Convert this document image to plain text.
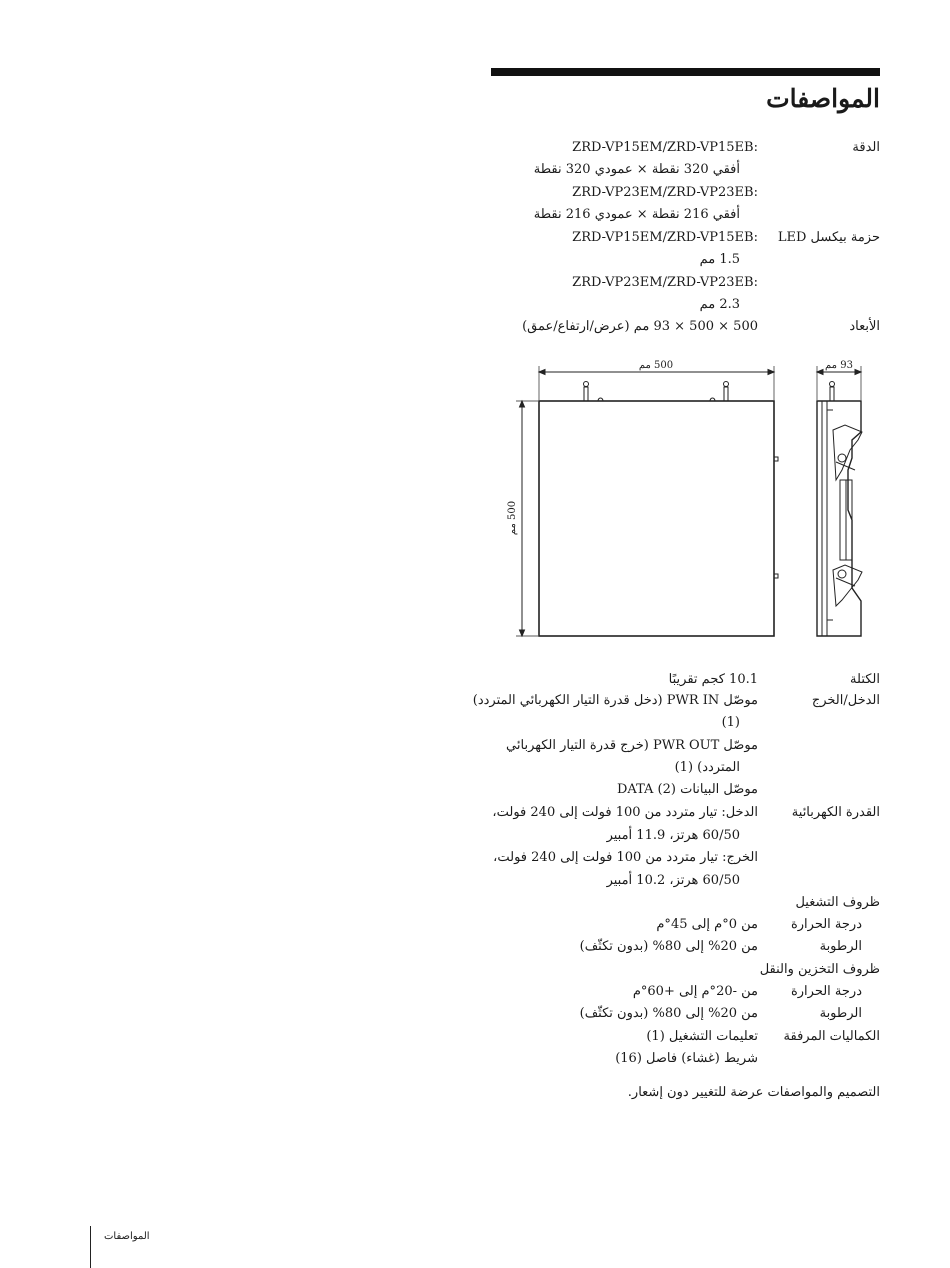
المواصفات
الدقة
:ZRD-VP15EM/ZRD-VP15EB
أفقي 320 نقطة × عمودي 320 نقطة
:ZRD-VP23EM/ZRD-VP23EB
أفقي 216 نقطة × عمودي 216 نقطة
حزمة بيكسل LED
:ZRD-VP15EM/ZRD-VP15EB
1.5 مم
:ZRD-VP23EM/ZRD-VP23EB
2.3 مم
الأبعاد
500 × 500 × 93 مم (عرض/ارتفاع/عمق)
500 مم	93 مم
500 مم
الكتلة
10.1 كجم تقريبًا
الدخل/الخرج
موصّل PWR IN (دخل قدرة التيار الكهربائي المتردد)
(1)
موصّل PWR OUT (خرج قدرة التيار الكهربائي
المتردد) (1)
موصّل البيانات DATA (2)
القدرة الكهربائية
الدخل: تيار متردد من 100 فولت إلى 240 فولت،
60/50 هرتز، 11.9 أمبير
الخرج: تيار متردد من 100 فولت إلى 240 فولت،
60/50 هرتز، 10.2 أمبير
ظروف التشغيل
درجة الحرارة
من 0°م إلى 45°م
الرطوبة
من 20% إلى 80% (بدون تكثّف)
ظروف التخزين والنقل
درجة الحرارة
من -20°م إلى +60°م
الرطوبة
من 20% إلى 80% (بدون تكثّف)
الكماليات المرفقة
تعليمات التشغيل (1)
شريط (غشاء) فاصل (16)
التصميم والمواصفات عرضة للتغيير دون إشعار.
المواصفات
